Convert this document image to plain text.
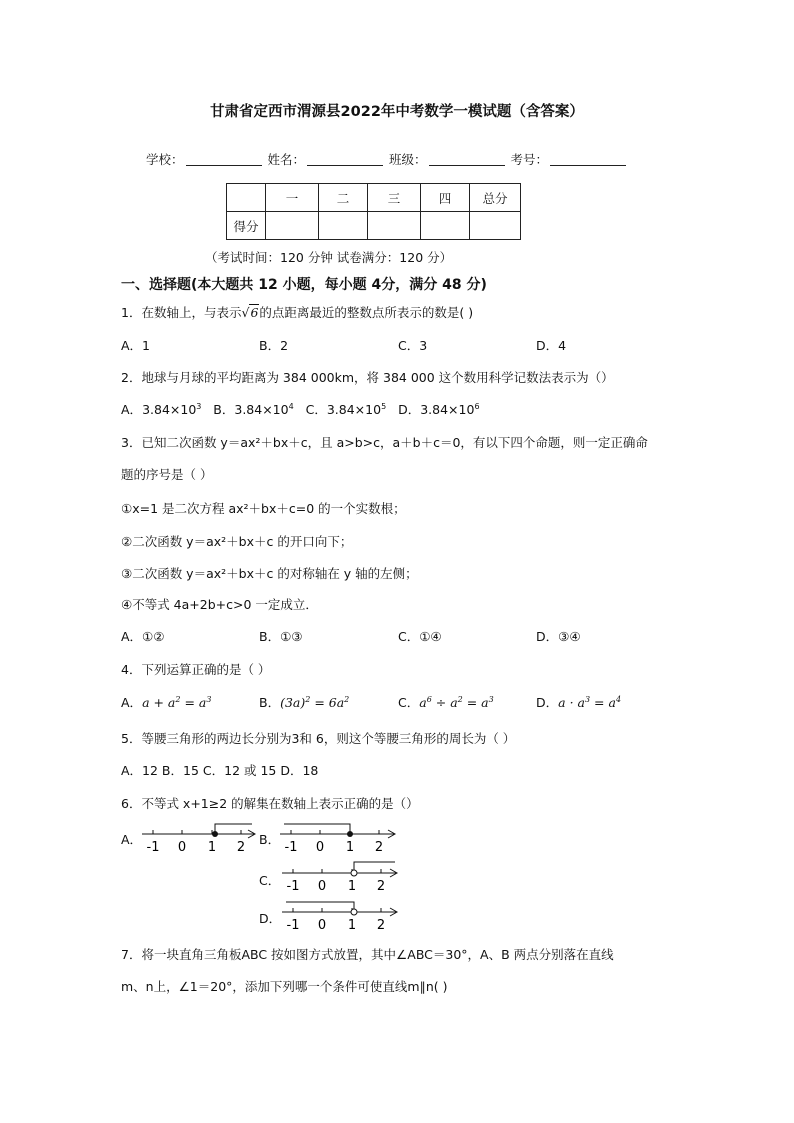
甘肃省定西市渭源县2022年中考数学一模试题（含答案）
学校：	姓名：	班级：	考号：
	一	二	三	四	总分
得分					
（考试时间：120 分钟 试卷满分：120 分）
一、选择题(本大题共 12 小题，每小题 4分，满分 48 分)
1．在数轴上，与表示√6的点距离最近的整数点所表示的数是( )
A．1	B．2	C．3	D．4
2．地球与月球的平均距离为 384 000km，将 384 000 这个数用科学记数法表示为（）
A．$3.84\times 10^3$ B．$3.84\times 10^4$ C．$3.84\times 10^5$ D．$3.84\times 10^6$
3．已知二次函数 y＝ax²＋bx＋c，且 a>b>c，a＋b＋c＝0，有以下四个命题，则一定正确命
题的序号是（ ）
①x=1 是二次方程 ax²＋bx＋c=0 的一个实数根；
②二次函数 y＝ax²＋bx＋c 的开口向下；
③二次函数 y＝ax²＋bx＋c 的对称轴在 y 轴的左侧；
④不等式 4a+2b+c>0 一定成立．
A．①②	B．①③	C．①④	D．③④
4．下列运算正确的是（ ）
A．$a + a^2 = a^3$	B．$(3a)^2 = 6a^2$	C．$a^6 \div a^2 = a^3$	D．$a \cdot a^3 = a^4$
5．等腰三角形的两边长分别为3和 6，则这个等腰三角形的周长为（ ）
A．12 B．15 C．12 或 15 D．18
6．不等式 x+1≥2 的解集在数轴上表示正确的是（）
A．
-1 0 1 2
B．
-1 0 1 2
C． -1 0 1 2
D． -1 0 1 2
7．将一块直角三角板ABC 按如图方式放置，其中∠ABC＝30°，A、B 两点分别落在直线
m、n上，∠1＝20°，添加下列哪一个条件可使直线m∥n( )
